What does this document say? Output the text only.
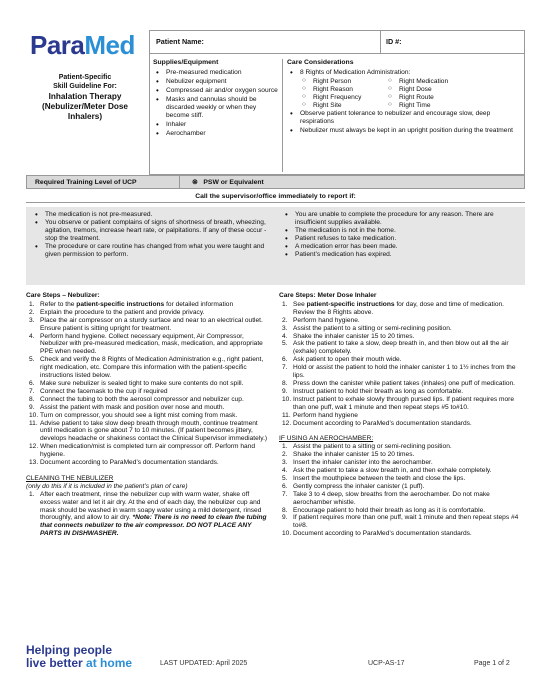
ParaMed	Patient Name:	ID #:
Patient-Specific
Skill Guideline For:
Inhalation Therapy
(Nebulizer/Meter Dose
Inhalers)
Supplies/Equipment
• Pre-measured medication
• Nebulizer equipment
• Compressed air and/or oxygen source
• Masks and cannulas should be discarded weekly or when they become stiff.
• Inhaler
• Aerochamber
Care Considerations
• 8 Rights of Medication Administration:
○ Right Person	○ Right Medication
○ Right Reason	○ Right Dose
○ Right Frequency	○ Right Route
○ Right Site	○ Right Time
• Observe patient tolerance to nebulizer and encourage slow, deep respirations
• Nebulizer must always be kept in an upright position during the treatment
Required Training Level of UCP	⊗ PSW or Equivalent
Call the supervisor/office immediately to report if:
• The medication is not pre-measured.
• You observe or patient complains of signs of shortness of breath, wheezing, agitation, tremors, increase heart rate, or palpitations. If any of these occur -stop the treatment.
• The procedure or care routine has changed from what you were taught and given permission to perform.
• You are unable to complete the procedure for any reason. There are insufficient supplies available.
• The medication is not in the home.
• Patient refuses to take medication.
• A medication error has been made.
• Patient’s medication has expired.
Care Steps – Nebulizer:
1. Refer to the patient-specific instructions for detailed information
2. Explain the procedure to the patient and provide privacy.
3. Place the air compressor on a sturdy surface and near to an electrical outlet. Ensure patient is sitting upright for treatment.
4. Perform hand hygiene. Collect necessary equipment, Air Compressor, Nebulizer with pre-measured medication, mask, medication, and appropriate PPE when needed.
5. Check and verify the 8 Rights of Medication Administration e.g., right patient, right medication, etc. Compare this information with the patient-specific instructions listed below.
6. Make sure nebulizer is sealed tight to make sure contents do not spill.
7. Connect the facemask to the cup if required
8. Connect the tubing to both the aerosol compressor and nebulizer cup.
9. Assist the patient with mask and position over nose and mouth.
10. Turn on compressor, you should see a light mist coming from mask.
11. Advise patient to take slow deep breath through mouth, continue treatment until medication is gone about 7 to 10 minutes. (If patient becomes jittery, develops headache or shakiness contact the Clinical Supervisor immediately.)
12. When medication/mist is completed turn air compressor off. Perform hand hygiene.
13. Document according to ParaMed’s documentation standards.
CLEANING THE NEBULIZER
(only do this if it is included in the patient’s plan of care)
1. After each treatment, rinse the nebulizer cup with warm water, shake off excess water and let it air dry. At the end of each day, the nebulizer cup and mask should be washed in warm soapy water using a mild detergent, rinsed thoroughly, and allow to air dry. *Note: There is no need to clean the tubing that connects nebulizer to the air compressor. DO NOT PLACE ANY PARTS IN DISHWASHER.
Care Steps: Meter Dose Inhaler
1. See patient-specific instructions for day, dose and time of medication. Review the 8 Rights above.
2. Perform hand hygiene.
3. Assist the patient to a sitting or semi-reclining position.
4. Shake the inhaler canister 15 to 20 times.
5. Ask the patient to take a slow, deep breath in, and then blow out all the air (exhale) completely.
6. Ask patient to open their mouth wide.
7. Hold or assist the patient to hold the inhaler canister 1 to 1½ inches from the lips.
8. Press down the canister while patient takes (inhales) one puff of medication.
9. Instruct patient to hold their breath as long as comfortable.
10. Instruct patient to exhale slowly through pursed lips. If patient requires more than one puff, wait 1 minute and then repeat steps #5 to#10.
11. Perform hand hygiene
12. Document according to ParaMed’s documentation standards.
IF USING AN AEROCHAMBER:
1. Assist the patient to a sitting or semi-reclining position.
2. Shake the inhaler canister 15 to 20 times.
3. Insert the inhaler canister into the aerochamber.
4. Ask the patient to take a slow breath in, and then exhale completely.
5. Insert the mouthpiece between the teeth and close the lips.
6. Gently compress the inhaler canister (1 puff).
7. Take 3 to 4 deep, slow breaths from the aerochamber. Do not make aerochamber whistle.
8. Encourage patient to hold their breath as long as it is comfortable.
9. If patient requires more than one puff, wait 1 minute and then repeat steps #4 to#8.
10. Document according to ParaMed’s documentation standards.
Helping people
live better at home	LAST UPDATED: April 2025	UCP-AS-17	Page 1 of 2
